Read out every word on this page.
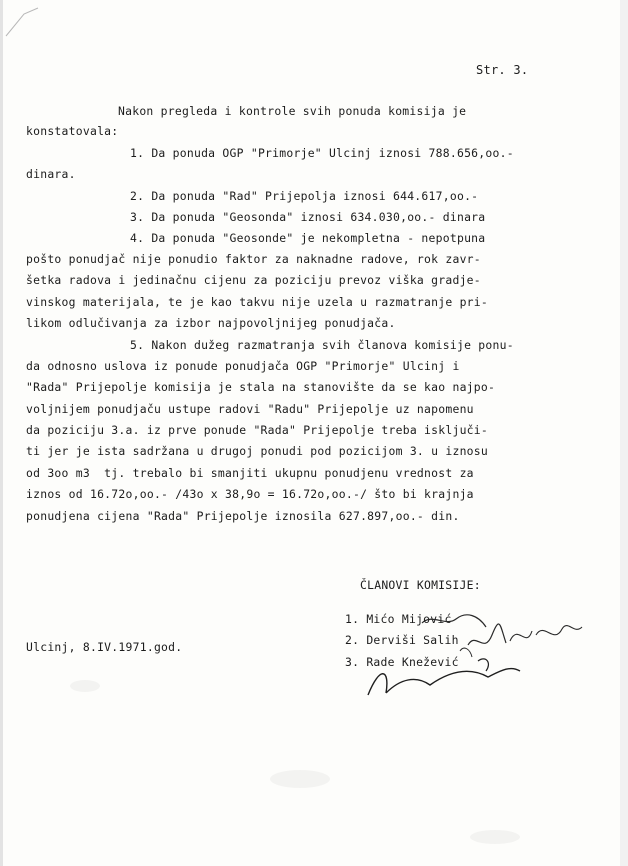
Str. 3.
Nakon pregleda i kontrole svih ponuda komisija je
konstatovala:
1. Da ponuda OGP "Primorje" Ulcinj iznosi 788.656,oo.-
dinara.
2. Da ponuda "Rad" Prijepolja iznosi 644.617,oo.-
3. Da ponuda "Geosonda" iznosi 634.030,oo.- dinara
4. Da ponuda "Geosonde" je nekompletna - nepotpuna
pošto ponudjač nije ponudio faktor za naknadne radove, rok zavr-
šetka radova i jedinačnu cijenu za poziciju prevoz viška gradje-
vinskog materijala, te je kao takvu nije uzela u razmatranje pri-
likom odlučivanja za izbor najpovoljnijeg ponudjača.
5. Nakon dužeg razmatranja svih članova komisije ponu-
da odnosno uslova iz ponude ponudjača OGP "Primorje" Ulcinj i
"Rada" Prijepolje komisija je stala na stanovište da se kao najpo-
voljnijem ponudjaču ustupe radovi "Radu" Prijepolje uz napomenu
da poziciju 3.a. iz prve ponude "Rada" Prijepolje treba isključi-
ti jer je ista sadržana u drugoj ponudi pod pozicijom 3. u iznosu
od 3oo m3  tj. trebalo bi smanjiti ukupnu ponudjenu vrednost za
iznos od 16.72o,oo.- /43o x 38,9o = 16.72o,oo.-/ što bi krajnja
ponudjena cijena "Rada" Prijepolje iznosila 627.897,oo.- din.
ČLANOVI KOMISIJE:
1. Mićo Mijović
2. Derviši Salih
3. Rade Knežević
Ulcinj, 8.IV.1971.god.
